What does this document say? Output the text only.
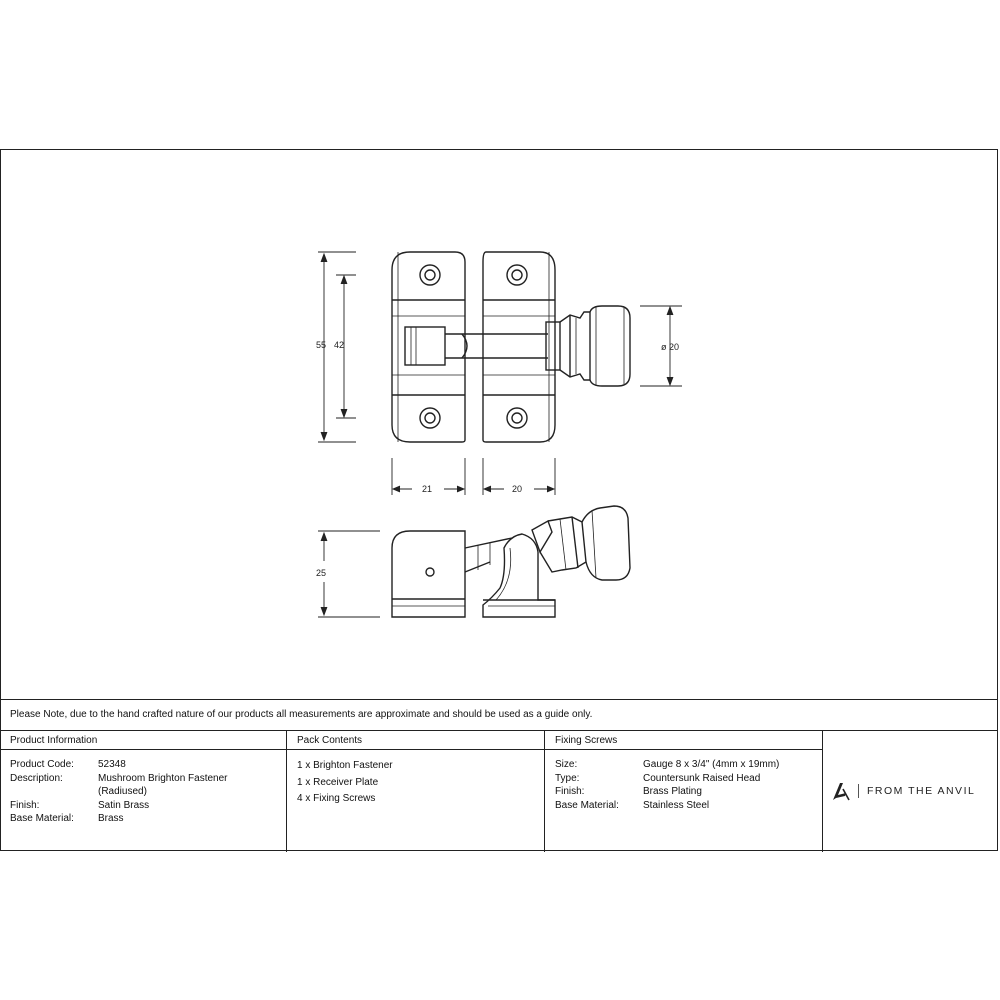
55 42	ø 20
21	20
25
Please Note, due to the hand crafted nature of our products all measurements are approximate and should be used as a guide only.
Product Information
Product Code:	52348
Description:	Mushroom Brighton Fastener
(Radiused)
Finish:	Satin Brass
Base Material:	Brass
Pack Contents
1 x Brighton Fastener
1 x Receiver Plate
4 x Fixing Screws
Fixing Screws
Size:	Gauge 8 x 3/4" (4mm x 19mm)
Type:	Countersunk Raised Head
Finish:	Brass Plating
Base Material:	Stainless Steel
FROM THE ANVIL
